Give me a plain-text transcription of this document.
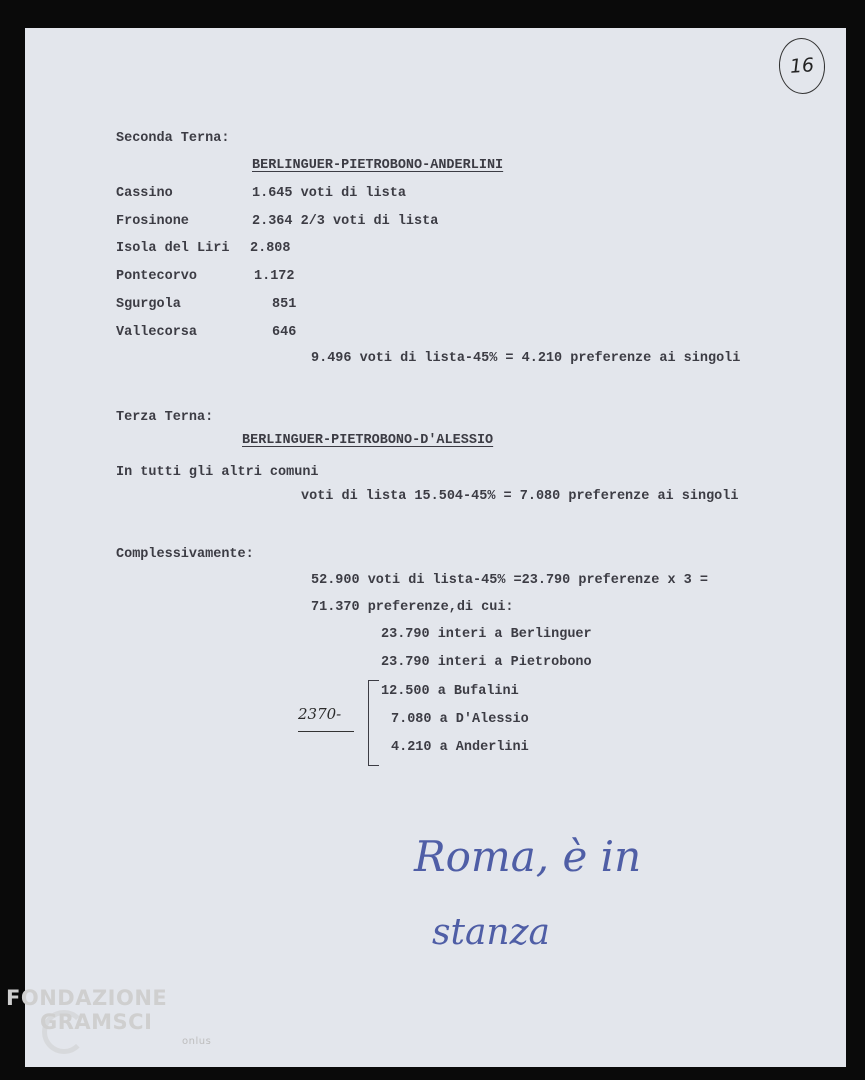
16
Seconda Terna:
BERLINGUER-PIETROBONO-ANDERLINI
Cassino	1.645 voti di lista
Frosinone	2.364 2/3 voti di lista
Isola del Liri 2.808
Pontecorvo	1.172
Sgurgola	851
Vallecorsa	646
9.496 voti di lista-45% = 4.210 preferenze ai singoli
Terza Terna:
BERLINGUER-PIETROBONO-D'ALESSIO
In tutti gli altri comuni
voti di lista 15.504-45% = 7.080 preferenze ai singoli
Complessivamente:
52.900 voti di lista-45% =23.790 preferenze x 3 =
71.370 preferenze,di cui:
23.790 interi a Berlinguer
23.790 interi a Pietrobono
12.500 a Bufalini
7.080 a D'Alessio
4.210 a Anderlini
2370-
Roma, è in
stanza
FONDAZIONE
GRAMSCI
onlus
